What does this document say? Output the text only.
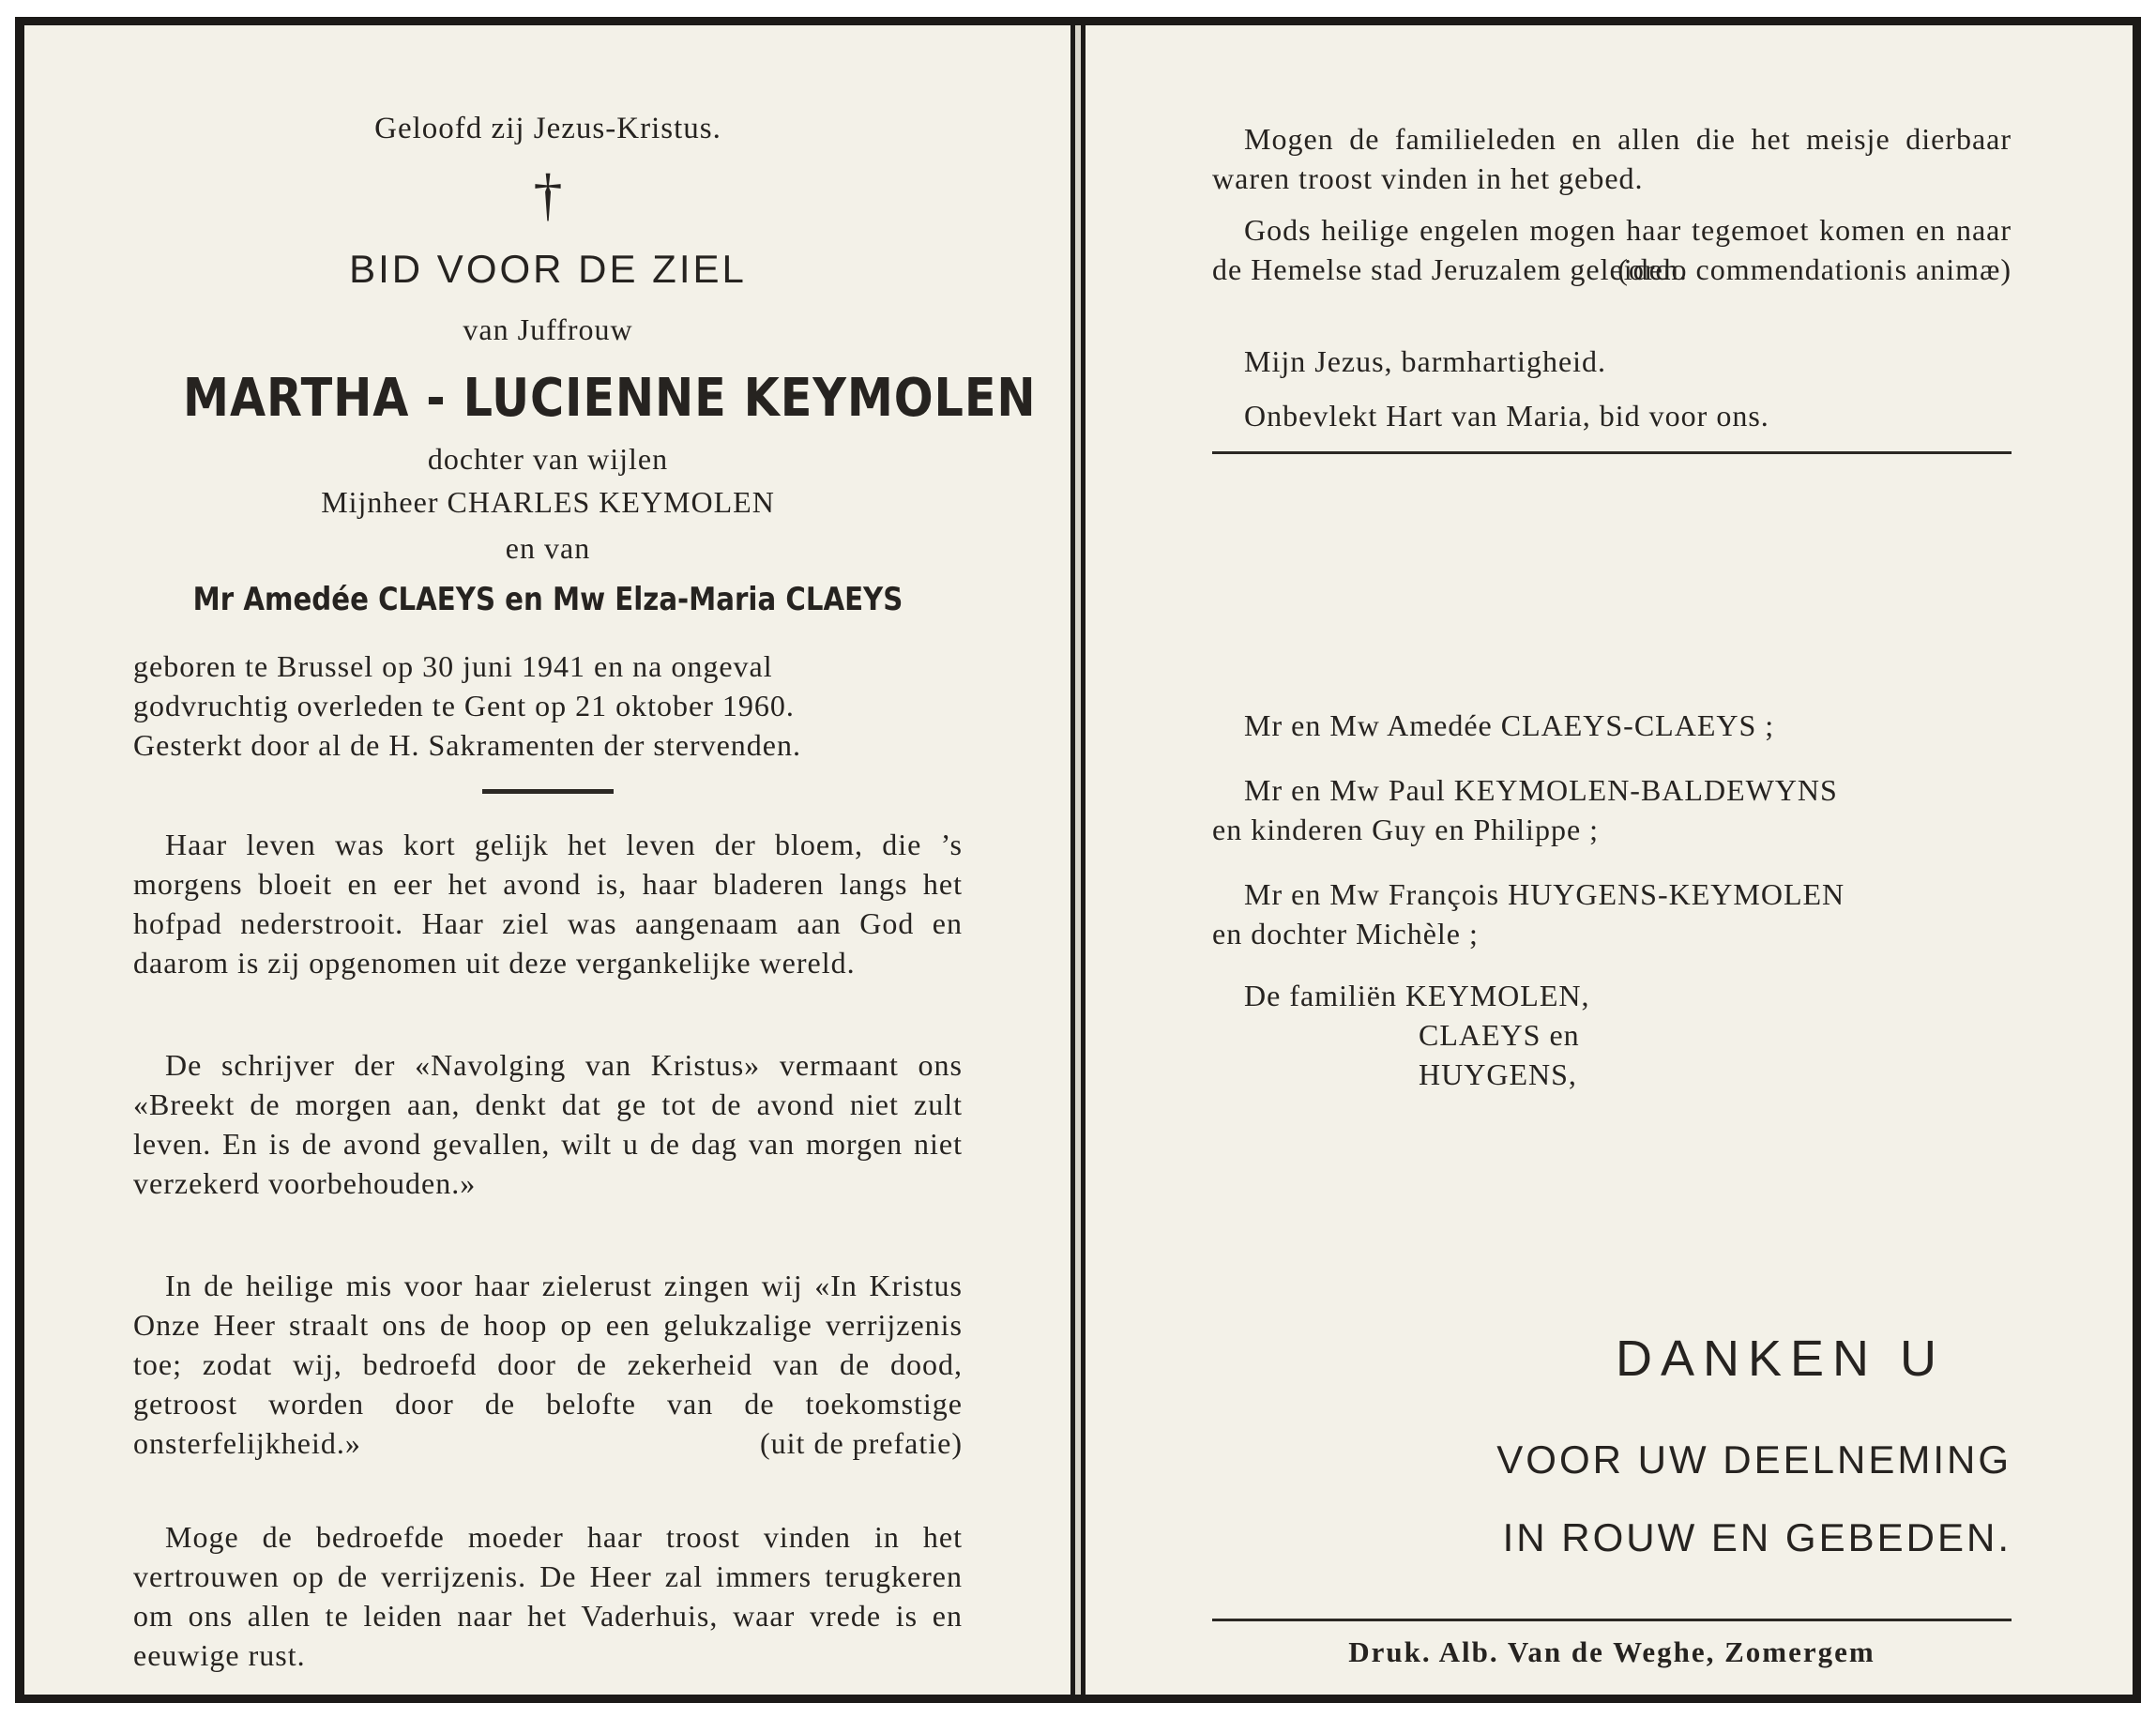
Geloofd zij Jezus-Kristus.

†

BID VOOR DE ZIEL

van Juffrouw

MARTHA - LUCIENNE KEYMOLEN

dochter van wijlen

Mijnheer CHARLES KEYMOLEN

en van

Mr Amedée CLAEYS en Mw Elza-Maria CLAEYS

geboren te Brussel op 30 juni 1941 en na ongeval

godvruchtig overleden te Gent op 21 oktober 1960.

Gesterkt door al de H. Sakramenten der stervenden.

Haar leven was kort gelijk het leven der bloem, die ’s morgens bloeit en eer het avond is, haar bladeren langs het hofpad nederstrooit. Haar ziel was aangenaam aan God en daarom is zij opgenomen uit deze vergankelijke wereld.

De schrijver der «Navolging van Kristus» vermaant ons «Breekt de morgen aan, denkt dat ge tot de avond niet zult leven. En is de avond gevallen, wilt u de dag van morgen niet verzekerd voorbehouden.»

In de heilige mis voor haar zielerust zingen wij «In Kristus Onze Heer straalt ons de hoop op een gelukzalige verrijzenis toe; zodat wij, bedroefd door de zekerheid van de dood, getroost worden door de belofte van de toekomstige onsterfelijkheid.»	(uit de prefatie)

Moge de bedroefde moeder haar troost vinden in het vertrouwen op de verrijzenis. De Heer zal immers terugkeren om ons allen te leiden naar het Vaderhuis, waar vrede is en eeuwige rust.

Mogen de familieleden en allen die het meisje dierbaar waren troost vinden in het gebed.

Gods heilige engelen mogen haar tegemoet komen en naar de Hemelse stad Jeruzalem geleiden.

(ordo commendationis animæ)

Mijn Jezus, barmhartigheid.

Onbevlekt Hart van Maria, bid voor ons.

Mr en Mw Amedée CLAEYS-CLAEYS ;

Mr en Mw Paul KEYMOLEN-BALDEWYNS

en kinderen Guy en Philippe ;

Mr en Mw François HUYGENS-KEYMOLEN

en dochter Michèle ;

De familiën KEYMOLEN,

CLAEYS en

HUYGENS,

DANKEN U

VOOR UW DEELNEMING

IN ROUW EN GEBEDEN.

Druk. Alb. Van de Weghe, Zomergem
